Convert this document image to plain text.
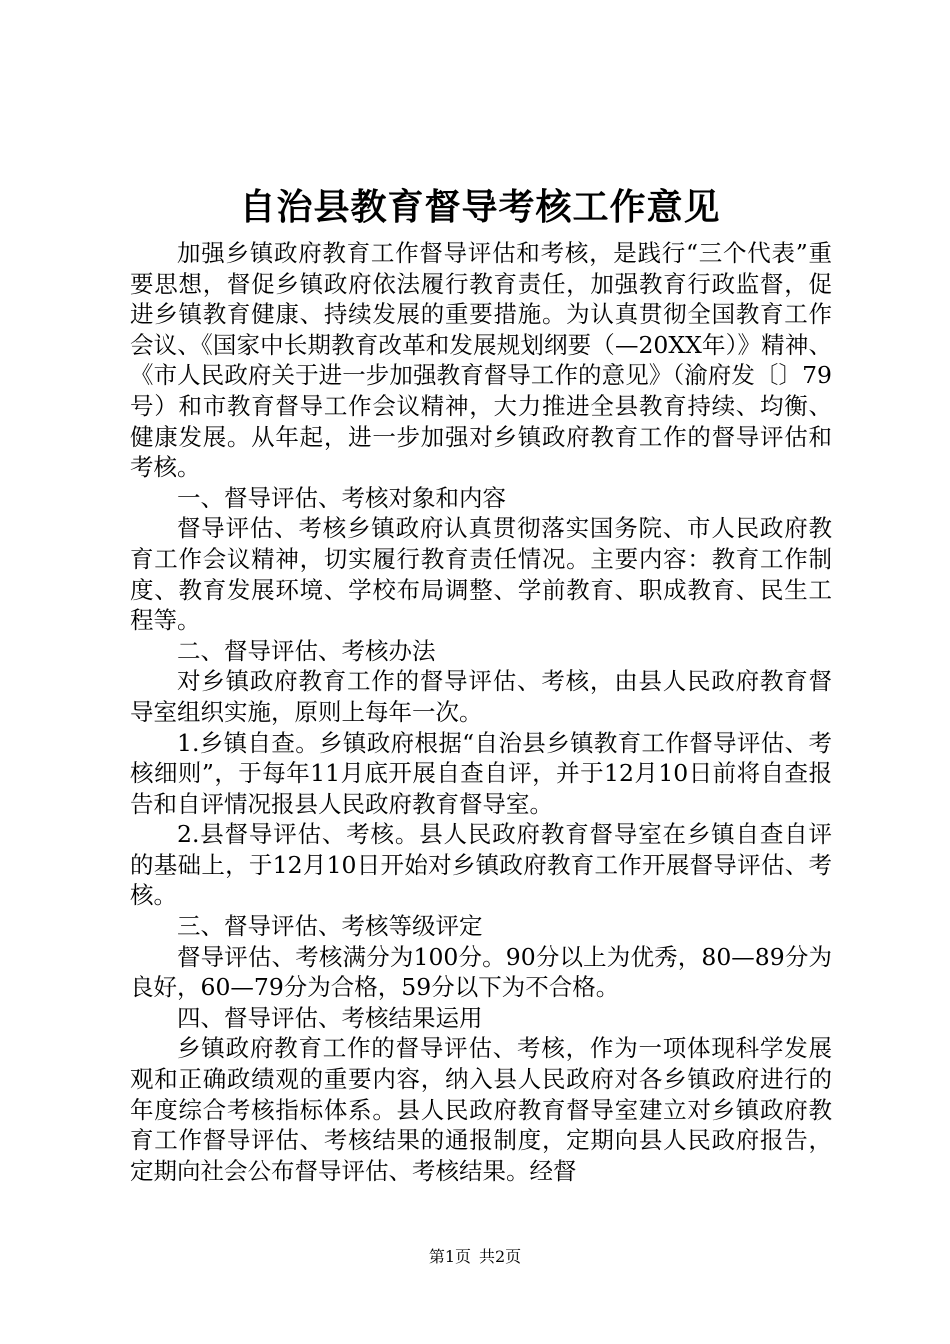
自治县教育督导考核工作意见

加强乡镇政府教育工作督导评估和考核，是践行“三个代表”重要思想，督促乡镇政府依法履行教育责任，加强教育行政监督，促进乡镇教育健康、持续发展的重要措施。为认真贯彻全国教育工作会议、《国家中长期教育改革和发展规划纲要（—20XX年）》精神、《市人民政府关于进一步加强教育督导工作的意见》（渝府发〔〕79号）和市教育督导工作会议精神，大力推进全县教育持续、均衡、健康发展。从年起，进一步加强对乡镇政府教育工作的督导评估和考核。

一、督导评估、考核对象和内容

督导评估、考核乡镇政府认真贯彻落实国务院、市人民政府教育工作会议精神，切实履行教育责任情况。主要内容：教育工作制度、教育发展环境、学校布局调整、学前教育、职成教育、民生工程等。

二、督导评估、考核办法

对乡镇政府教育工作的督导评估、考核，由县人民政府教育督导室组织实施，原则上每年一次。

1.乡镇自查。乡镇政府根据“自治县乡镇教育工作督导评估、考核细则”，于每年11月底开展自查自评，并于12月10日前将自查报告和自评情况报县人民政府教育督导室。

2.县督导评估、考核。县人民政府教育督导室在乡镇自查自评的基础上，于12月10日开始对乡镇政府教育工作开展督导评估、考核。

三、督导评估、考核等级评定

督导评估、考核满分为100分。90分以上为优秀，80—89分为良好，60—79分为合格，59分以下为不合格。

四、督导评估、考核结果运用

乡镇政府教育工作的督导评估、考核，作为一项体现科学发展观和正确政绩观的重要内容，纳入县人民政府对各乡镇政府进行的年度综合考核指标体系。县人民政府教育督导室建立对乡镇政府教育工作督导评估、考核结果的通报制度，定期向县人民政府报告，定期向社会公布督导评估、考核结果。经督

第1页 共2页
